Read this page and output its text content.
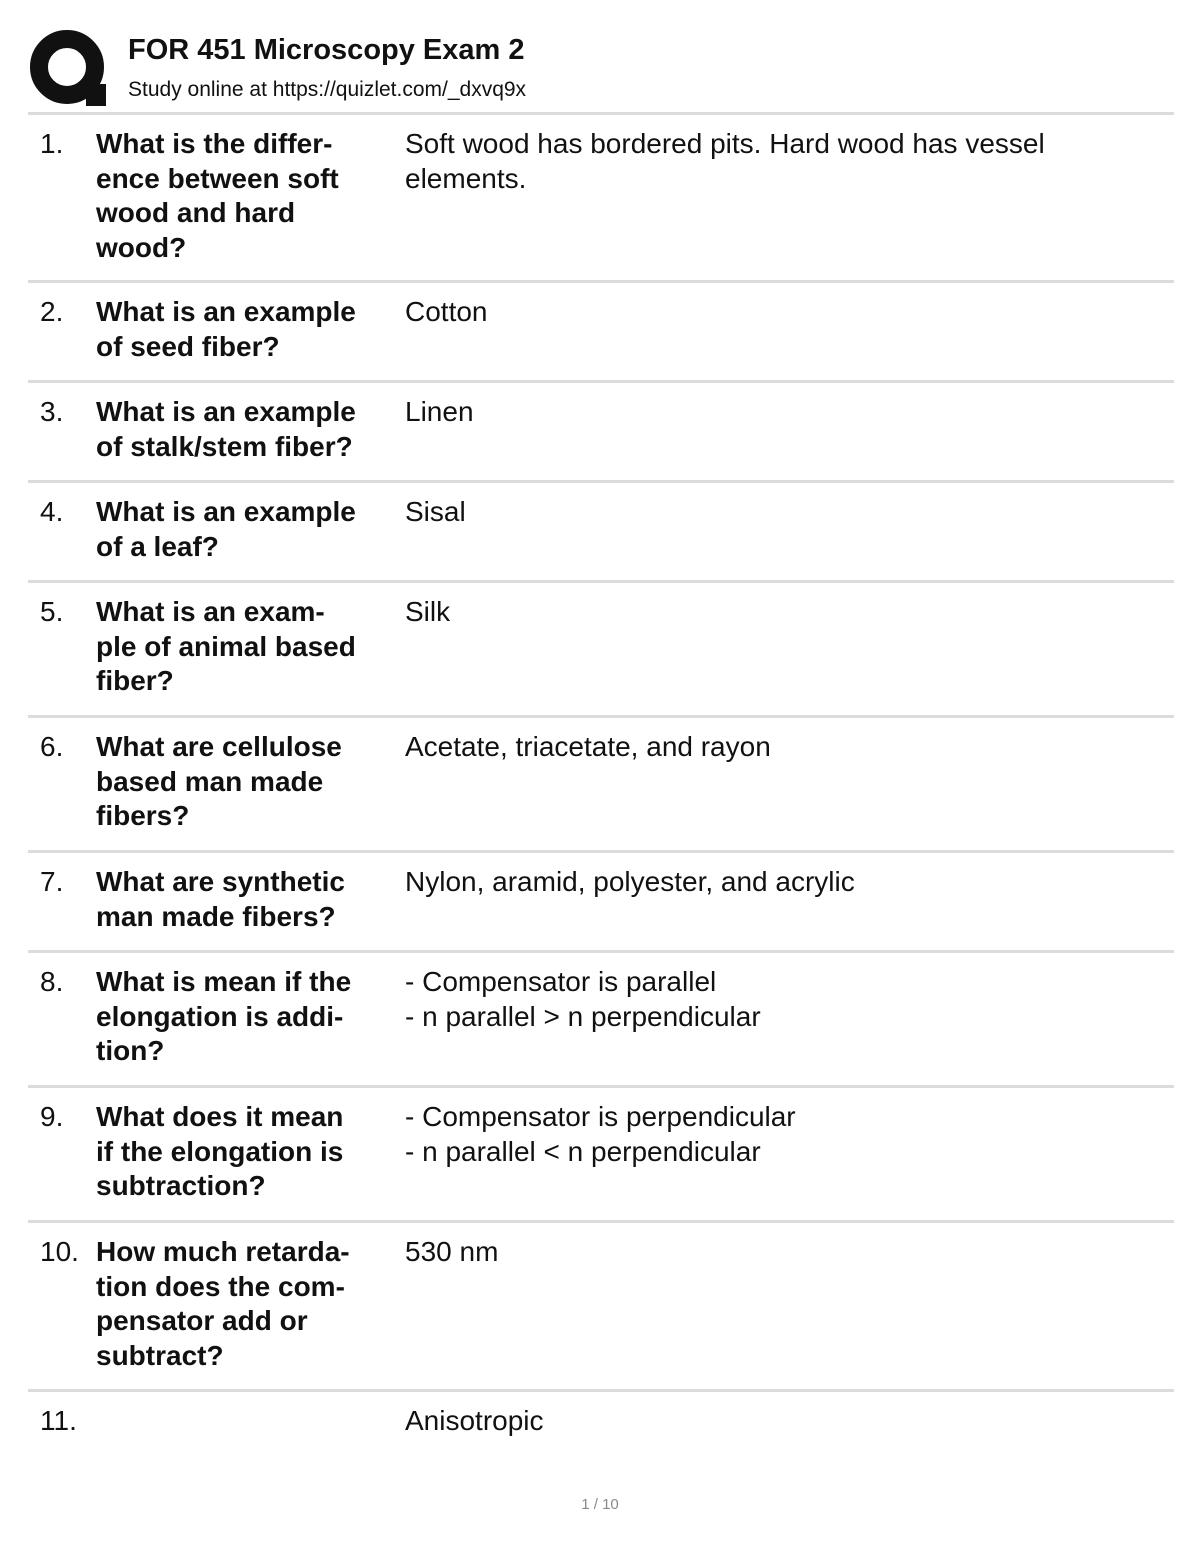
FOR 451 Microscopy Exam 2
Study online at https://quizlet.com/_dxvq9x
1. What is the differ-
ence between soft
wood and hard
wood?
Soft wood has bordered pits. Hard wood has vessel
elements.
2. What is an example
of seed fiber?
Cotton
3. What is an example
of stalk/stem fiber?
Linen
4. What is an example
of a leaf?
Sisal
5. What is an exam-
ple of animal based
fiber?
Silk
6. What are cellulose
based man made
fibers?
Acetate, triacetate, and rayon
7. What are synthetic
man made fibers?
Nylon, aramid, polyester, and acrylic
8. What is mean if the
elongation is addi-
tion?
- Compensator is parallel
- n parallel > n perpendicular
9. What does it mean
if the elongation is
subtraction?
- Compensator is perpendicular
- n parallel < n perpendicular
10. How much retarda-
tion does the com-
pensator add or
subtract?
530 nm
11.	Anisotropic
1 / 10
